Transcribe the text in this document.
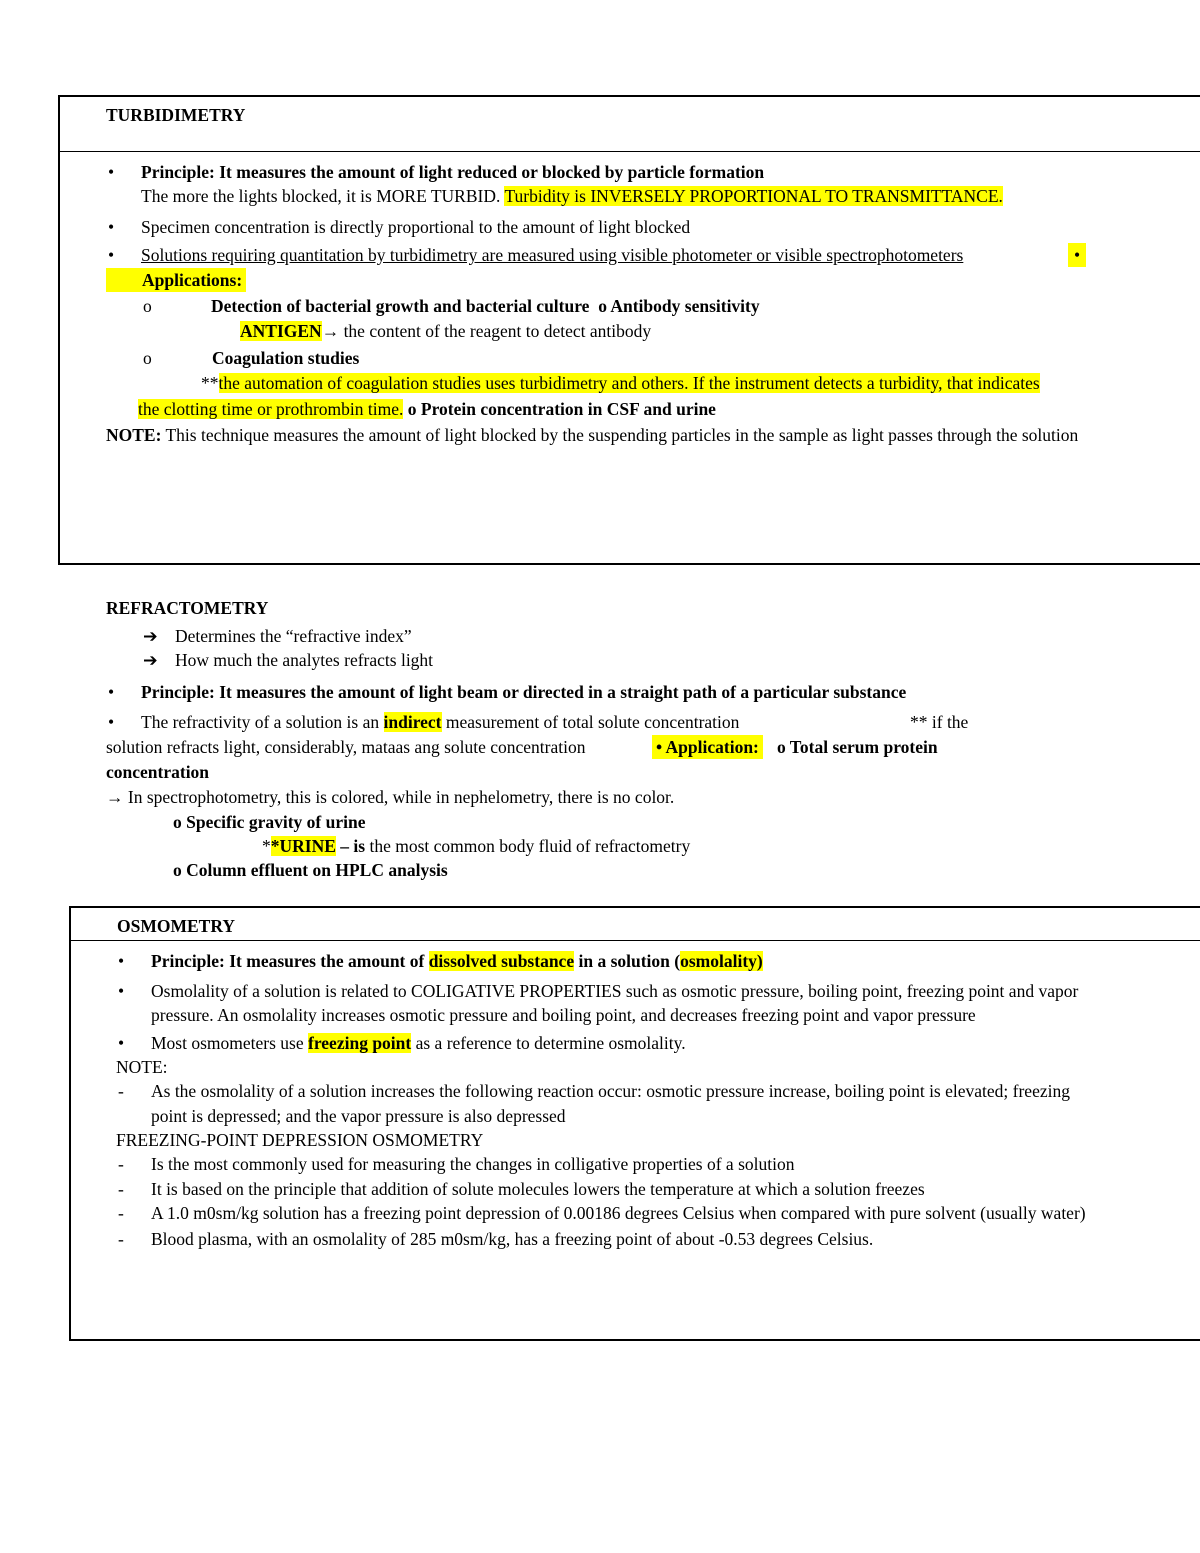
TURBIDIMETRY
• Principle: It measures the amount of light reduced or blocked by particle formation
The more the lights blocked, it is MORE TURBID. Turbidity is INVERSELY PROPORTIONAL TO TRANSMITTANCE.
• Specimen concentration is directly proportional to the amount of light blocked
• Solutions requiring quantitation by turbidimetry are measured using visible photometer or visible spectrophotometers	•
Applications:
o	Detection of bacterial growth and bacterial culture o Antibody sensitivity
ANTIGEN→ the content of the reagent to detect antibody
o	Coagulation studies
**the automation of coagulation studies uses turbidimetry and others. If the instrument detects a turbidity, that indicates
the clotting time or prothrombin time. o Protein concentration in CSF and urine
NOTE: This technique measures the amount of light blocked by the suspending particles in the sample as light passes through the solution
REFRACTOMETRY
➔ Determines the “refractive index”
➔ How much the analytes refracts light
• Principle: It measures the amount of light beam or directed in a straight path of a particular substance
• The refractivity of a solution is an indirect measurement of total solute concentration	** if the
solution refracts light, considerably, mataas ang solute concentration	• Application: o Total serum protein
concentration
→ In spectrophotometry, this is colored, while in nephelometry, there is no color.
o Specific gravity of urine
**URINE – is the most common body fluid of refractometry
o Column effluent on HPLC analysis
OSMOMETRY
• Principle: It measures the amount of dissolved substance in a solution (osmolality)
• Osmolality of a solution is related to COLIGATIVE PROPERTIES such as osmotic pressure, boiling point, freezing point and vapor
pressure. An osmolality increases osmotic pressure and boiling point, and decreases freezing point and vapor pressure
• Most osmometers use freezing point as a reference to determine osmolality.
NOTE:
- As the osmolality of a solution increases the following reaction occur: osmotic pressure increase, boiling point is elevated; freezing
point is depressed; and the vapor pressure is also depressed
FREEZING-POINT DEPRESSION OSMOMETRY
- Is the most commonly used for measuring the changes in colligative properties of a solution
- It is based on the principle that addition of solute molecules lowers the temperature at which a solution freezes
- A 1.0 m0sm/kg solution has a freezing point depression of 0.00186 degrees Celsius when compared with pure solvent (usually water)
- Blood plasma, with an osmolality of 285 m0sm/kg, has a freezing point of about -0.53 degrees Celsius.
